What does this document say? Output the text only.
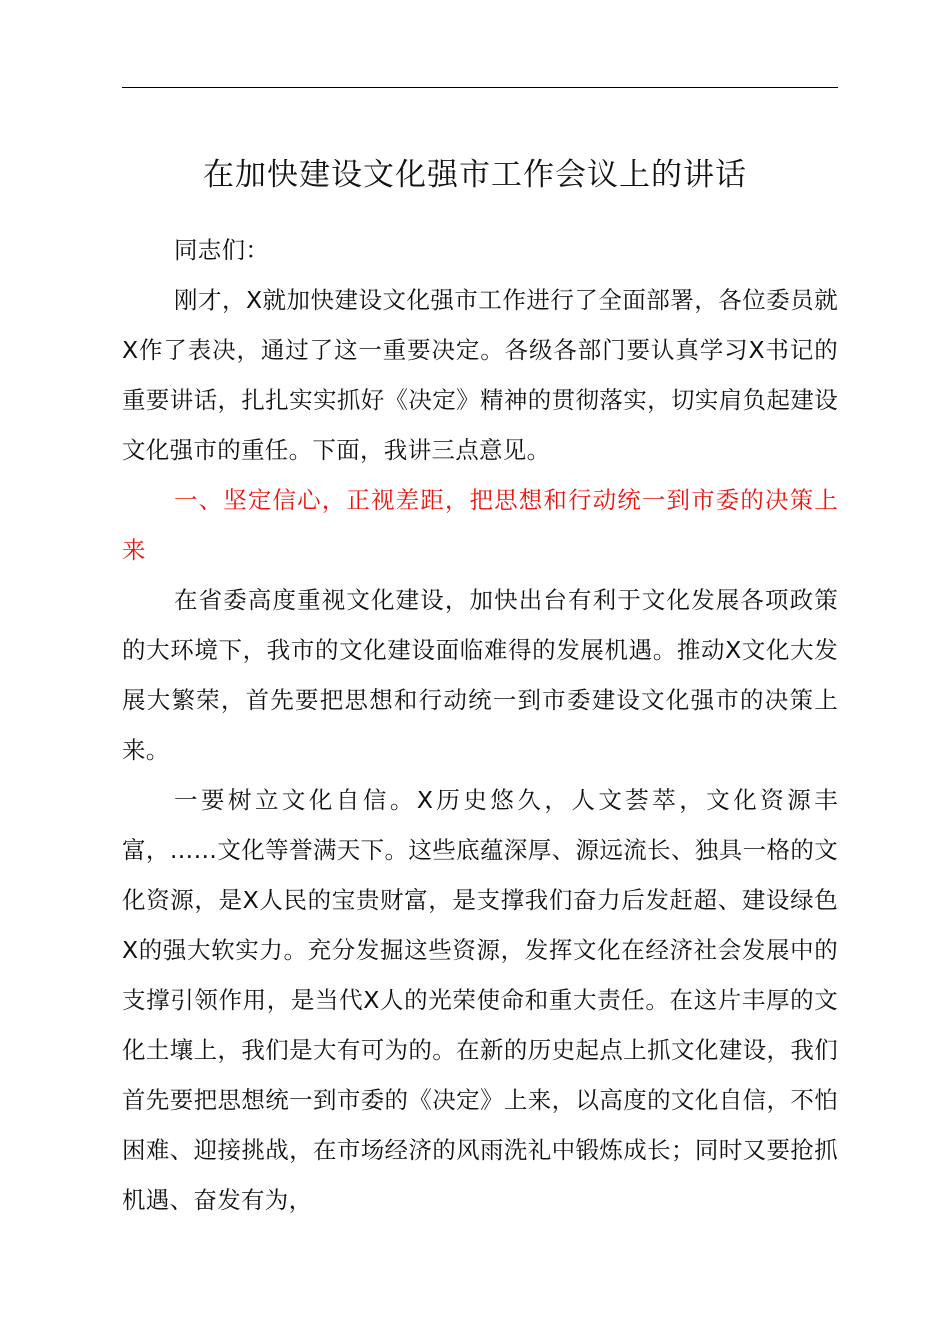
在加快建设文化强市工作会议上的讲话

同志们：

刚才，X就加快建设文化强市工作进行了全面部署，各位委员就X作了表决，通过了这一重要决定。各级各部门要认真学习X书记的重要讲话，扎扎实实抓好《决定》精神的贯彻落实，切实肩负起建设文化强市的重任。下面，我讲三点意见。

一、坚定信心，正视差距，把思想和行动统一到市委的决策上来

在省委高度重视文化建设，加快出台有利于文化发展各项政策的大环境下，我市的文化建设面临难得的发展机遇。推动X文化大发展大繁荣，首先要把思想和行动统一到市委建设文化强市的决策上来。

一要树立文化自信。X历史悠久，人文荟萃，文化资源丰富，……文化等誉满天下。这些底蕴深厚、源远流长、独具一格的文化资源，是X人民的宝贵财富，是支撑我们奋力后发赶超、建设绿色X的强大软实力。充分发掘这些资源，发挥文化在经济社会发展中的支撑引领作用，是当代X人的光荣使命和重大责任。在这片丰厚的文化土壤上，我们是大有可为的。在新的历史起点上抓文化建设，我们首先要把思想统一到市委的《决定》上来，以高度的文化自信，不怕困难、迎接挑战，在市场经济的风雨洗礼中锻炼成长；同时又要抢抓机遇、奋发有为，
